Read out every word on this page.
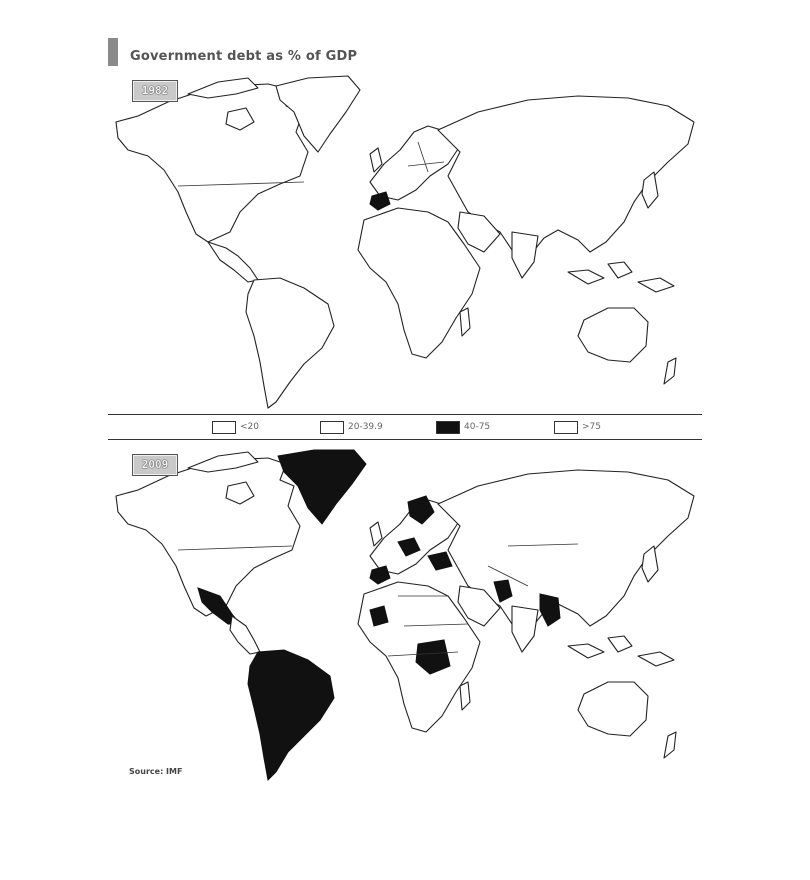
Government debt as % of GDP
1982
<20	20-39.9	40-75	>75
2009
Source: IMF
